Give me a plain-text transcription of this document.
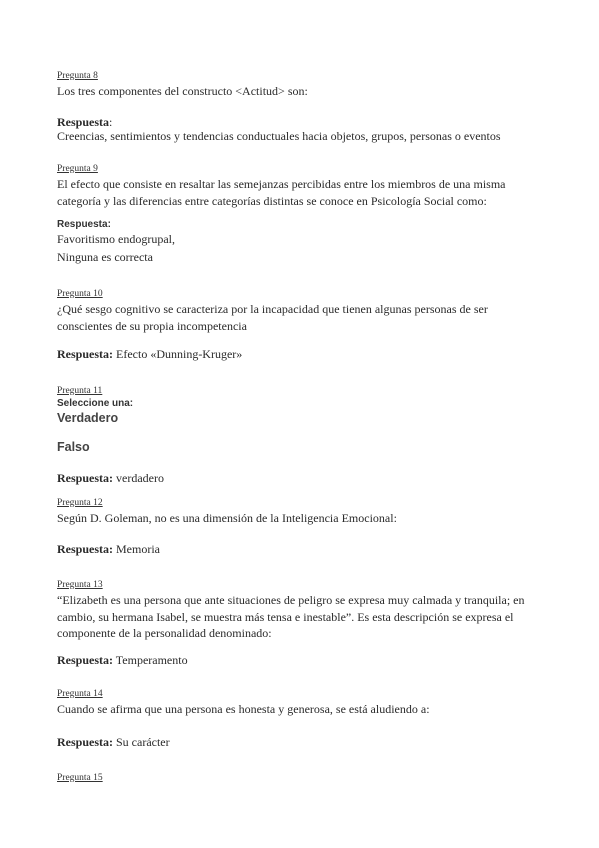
Pregunta 8
Los tres componentes del constructo <Actitud> son:
Respuesta:
Creencias, sentimientos y tendencias conductuales hacia objetos, grupos, personas o eventos
Pregunta 9
El efecto que consiste en resaltar las semejanzas percibidas entre los miembros de una misma
categoría y las diferencias entre categorías distintas se conoce en Psicología Social como:
Respuesta:
Favoritismo endogrupal,
Ninguna es correcta
Pregunta 10
¿Qué sesgo cognitivo se caracteriza por la incapacidad que tienen algunas personas de ser
conscientes de su propia incompetencia
Respuesta: Efecto «Dunning-Kruger»
Pregunta 11
Seleccione una:
Verdadero
Falso
Respuesta: verdadero
Pregunta 12
Según D. Goleman, no es una dimensión de la Inteligencia Emocional:
Respuesta: Memoria
Pregunta 13
“Elizabeth es una persona que ante situaciones de peligro se expresa muy calmada y tranquila; en
cambio, su hermana Isabel, se muestra más tensa e inestable”. Es esta descripción se expresa el
componente de la personalidad denominado:
Respuesta: Temperamento
Pregunta 14
Cuando se afirma que una persona es honesta y generosa, se está aludiendo a:
Respuesta: Su carácter
Pregunta 15
